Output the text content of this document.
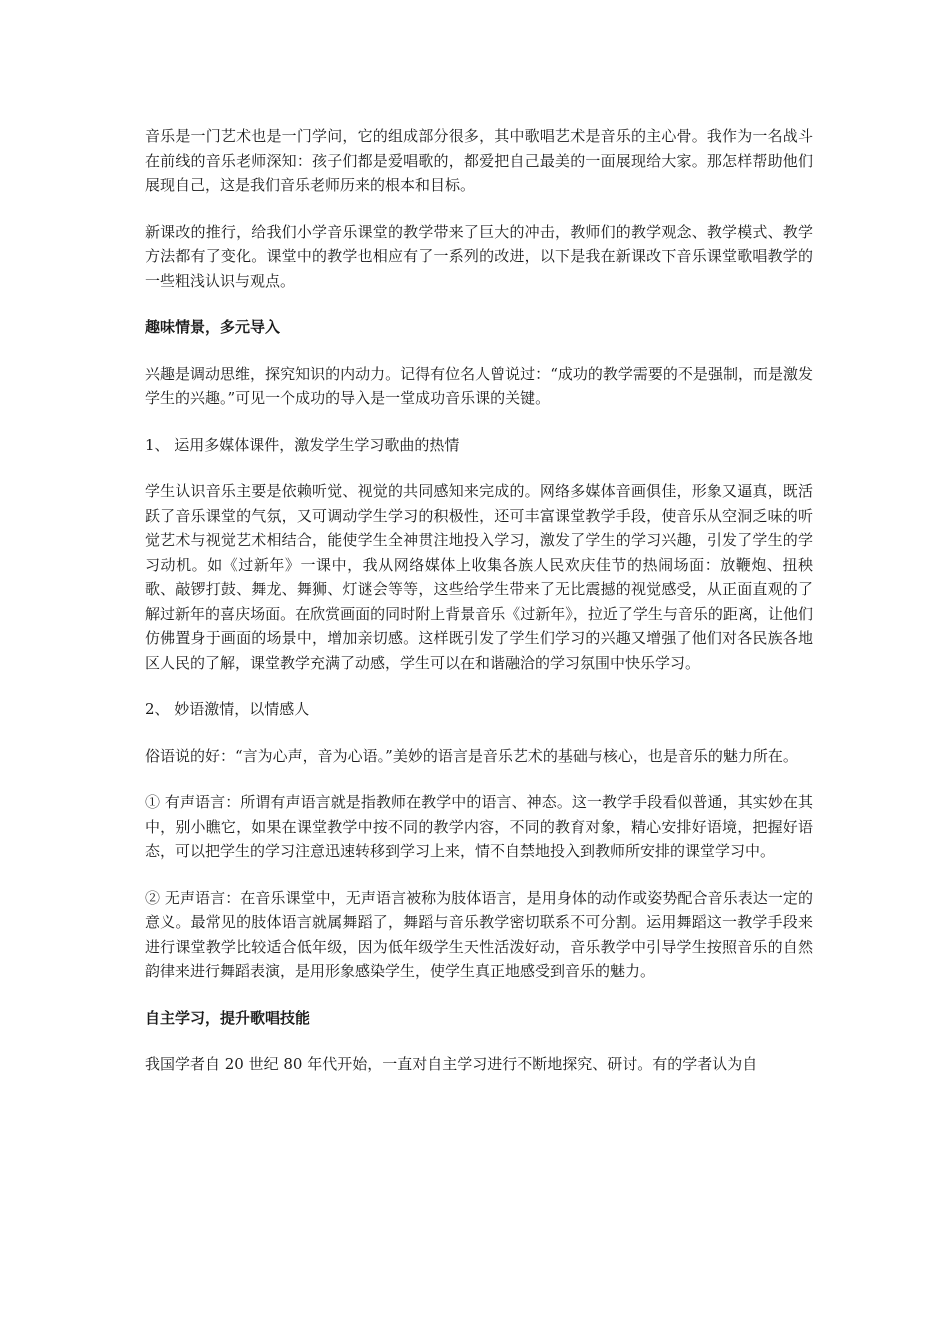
音乐是一门艺术也是一门学问，它的组成部分很多，其中歌唱艺术是音乐的主心骨。我作为一名战斗在前线的音乐老师深知：孩子们都是爱唱歌的，都爱把自己最美的一面展现给大家。那怎样帮助他们展现自己，这是我们音乐老师历来的根本和目标。

新课改的推行，给我们小学音乐课堂的教学带来了巨大的冲击，教师们的教学观念、教学模式、教学方法都有了变化。课堂中的教学也相应有了一系列的改进，以下是我在新课改下音乐课堂歌唱教学的一些粗浅认识与观点。

趣味情景，多元导入

兴趣是调动思维，探究知识的内动力。记得有位名人曾说过：“成功的教学需要的不是强制，而是激发学生的兴趣。”可见一个成功的导入是一堂成功音乐课的关键。

1、 运用多媒体课件，激发学生学习歌曲的热情

学生认识音乐主要是依赖听觉、视觉的共同感知来完成的。网络多媒体音画俱佳，形象又逼真，既活跃了音乐课堂的气氛，又可调动学生学习的积极性，还可丰富课堂教学手段，使音乐从空洞乏味的听觉艺术与视觉艺术相结合，能使学生全神贯注地投入学习，激发了学生的学习兴趣，引发了学生的学习动机。如《过新年》一课中，我从网络媒体上收集各族人民欢庆佳节的热闹场面：放鞭炮、扭秧歌、敲锣打鼓、舞龙、舞狮、灯谜会等等，这些给学生带来了无比震撼的视觉感受，从正面直观的了解过新年的喜庆场面。在欣赏画面的同时附上背景音乐《过新年》，拉近了学生与音乐的距离，让他们仿佛置身于画面的场景中，增加亲切感。这样既引发了学生们学习的兴趣又增强了他们对各民族各地区人民的了解，课堂教学充满了动感，学生可以在和谐融洽的学习氛围中快乐学习。

2、 妙语激情，以情感人

俗语说的好：“言为心声，音为心语。”美妙的语言是音乐艺术的基础与核心，也是音乐的魅力所在。

① 有声语言：所谓有声语言就是指教师在教学中的语言、神态。这一教学手段看似普通，其实妙在其中，别小瞧它，如果在课堂教学中按不同的教学内容，不同的教育对象，精心安排好语境，把握好语态，可以把学生的学习注意迅速转移到学习上来，情不自禁地投入到教师所安排的课堂学习中。

② 无声语言：在音乐课堂中，无声语言被称为肢体语言，是用身体的动作或姿势配合音乐表达一定的意义。最常见的肢体语言就属舞蹈了，舞蹈与音乐教学密切联系不可分割。运用舞蹈这一教学手段来进行课堂教学比较适合低年级，因为低年级学生天性活泼好动，音乐教学中引导学生按照音乐的自然韵律来进行舞蹈表演，是用形象感染学生，使学生真正地感受到音乐的魅力。

自主学习，提升歌唱技能

我国学者自 20 世纪 80 年代开始，一直对自主学习进行不断地探究、研讨。有的学者认为自
